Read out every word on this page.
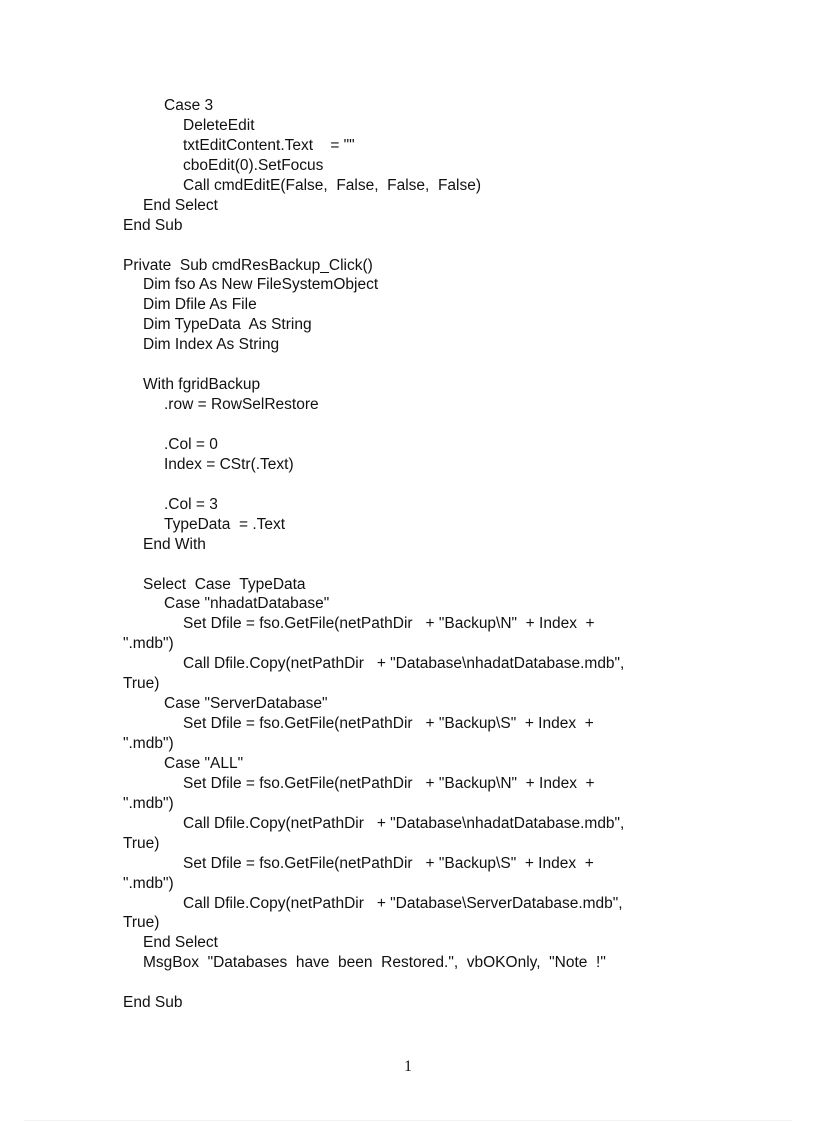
Case 3
DeleteEdit
txtEditContent.Text    = ""
cboEdit(0).SetFocus
Call cmdEditE(False,  False,  False,  False)
End Select
End Sub
Private  Sub cmdResBackup_Click()
Dim fso As New FileSystemObject
Dim Dfile As File
Dim TypeData  As String
Dim Index As String
With fgridBackup
.row = RowSelRestore
.Col = 0
Index = CStr(.Text)
.Col = 3
TypeData  = .Text
End With
Select  Case  TypeData
Case "nhadatDatabase"
Set Dfile = fso.GetFile(netPathDir   + "Backup\N"  + Index  +
".mdb")
Call Dfile.Copy(netPathDir   + "Database\nhadatDatabase.mdb",
True)
Case "ServerDatabase"
Set Dfile = fso.GetFile(netPathDir   + "Backup\S"  + Index  +
".mdb")
Case "ALL"
Set Dfile = fso.GetFile(netPathDir   + "Backup\N"  + Index  +
".mdb")
Call Dfile.Copy(netPathDir   + "Database\nhadatDatabase.mdb",
True)
Set Dfile = fso.GetFile(netPathDir   + "Backup\S"  + Index  +
".mdb")
Call Dfile.Copy(netPathDir   + "Database\ServerDatabase.mdb",
True)
End Select
MsgBox  "Databases  have  been  Restored.",  vbOKOnly,  "Note  !"
End Sub
1
